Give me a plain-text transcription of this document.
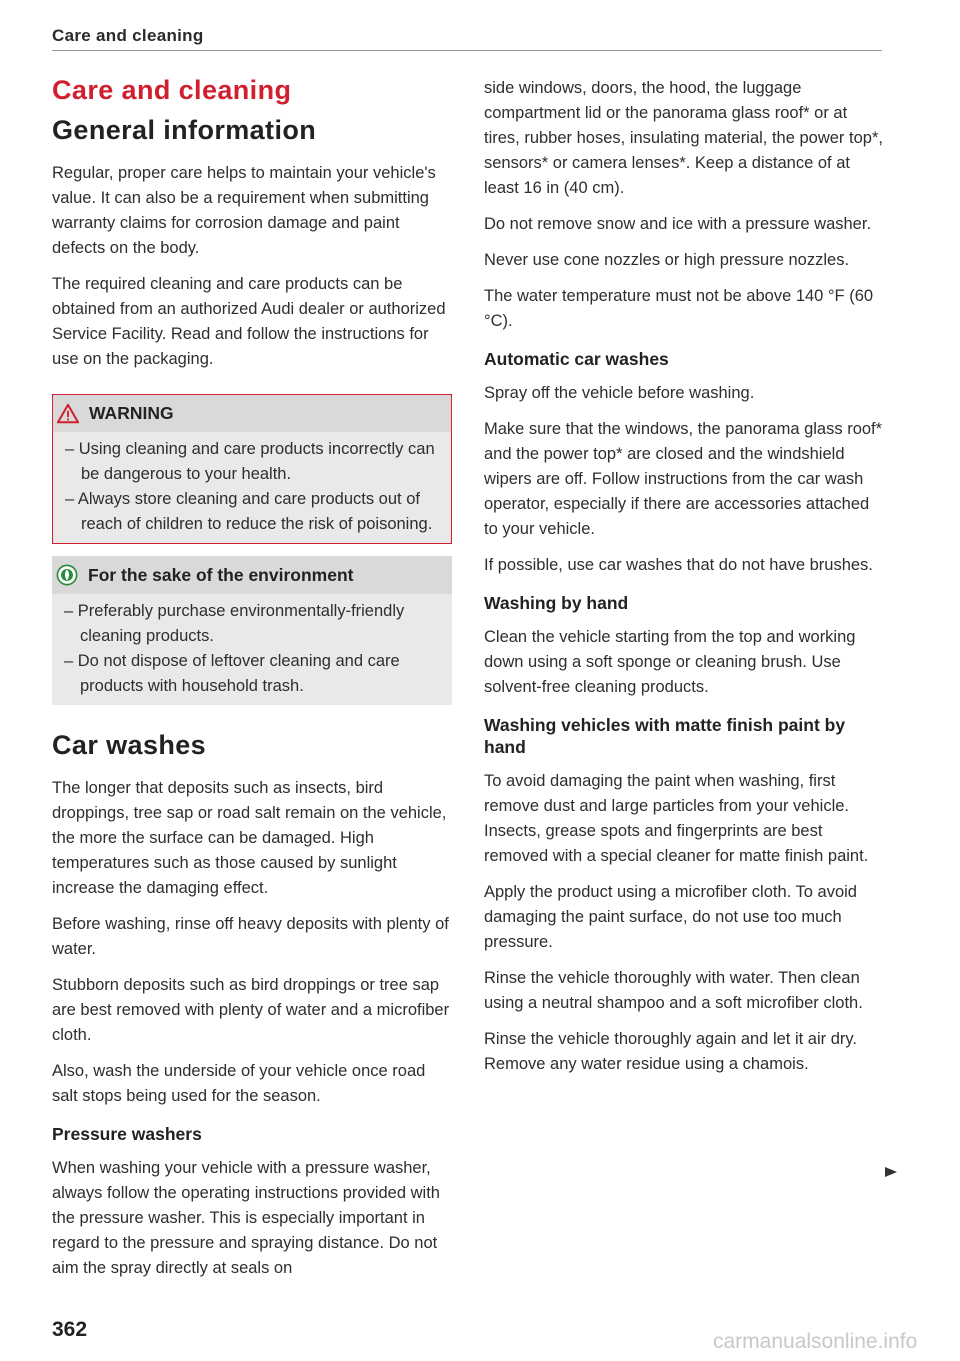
Care and cleaning
Care and cleaning
General information

Regular, proper care helps to maintain your vehicle's value. It can also be a requirement when submitting warranty claims for corrosion damage and paint defects on the body.

The required cleaning and care products can be obtained from an authorized Audi dealer or authorized Service Facility. Read and follow the instructions for use on the packaging.

WARNING
– Using cleaning and care products incorrectly can be dangerous to your health.
– Always store cleaning and care products out of reach of children to reduce the risk of poisoning.
For the sake of the environment
– Preferably purchase environmentally-friendly cleaning products.
– Do not dispose of leftover cleaning and care products with household trash.
Car washes

The longer that deposits such as insects, bird droppings, tree sap or road salt remain on the vehicle, the more the surface can be damaged. High temperatures such as those caused by sunlight increase the damaging effect.

Before washing, rinse off heavy deposits with plenty of water.

Stubborn deposits such as bird droppings or tree sap are best removed with plenty of water and a microfiber cloth.

Also, wash the underside of your vehicle once road salt stops being used for the season.

Pressure washers

When washing your vehicle with a pressure washer, always follow the operating instructions provided with the pressure washer. This is especially important in regard to the pressure and spraying distance. Do not aim the spray directly at seals on

side windows, doors, the hood, the luggage compartment lid or the panorama glass roof* or at tires, rubber hoses, insulating material, the power top*, sensors* or camera lenses*. Keep a distance of at least 16 in (40 cm).

Do not remove snow and ice with a pressure washer.

Never use cone nozzles or high pressure nozzles.

The water temperature must not be above 140 °F (60 °C).

Automatic car washes

Spray off the vehicle before washing.

Make sure that the windows, the panorama glass roof* and the power top* are closed and the windshield wipers are off. Follow instructions from the car wash operator, especially if there are accessories attached to your vehicle.

If possible, use car washes that do not have brushes.

Washing by hand

Clean the vehicle starting from the top and working down using a soft sponge or cleaning brush. Use solvent-free cleaning products.

Washing vehicles with matte finish paint by hand

To avoid damaging the paint when washing, first remove dust and large particles from your vehicle. Insects, grease spots and fingerprints are best removed with a special cleaner for matte finish paint.

Apply the product using a microfiber cloth. To avoid damaging the paint surface, do not use too much pressure.

Rinse the vehicle thoroughly with water. Then clean using a neutral shampoo and a soft microfiber cloth.

Rinse the vehicle thoroughly again and let it air dry. Remove any water residue using a chamois.

362
carmanualsonline.info
